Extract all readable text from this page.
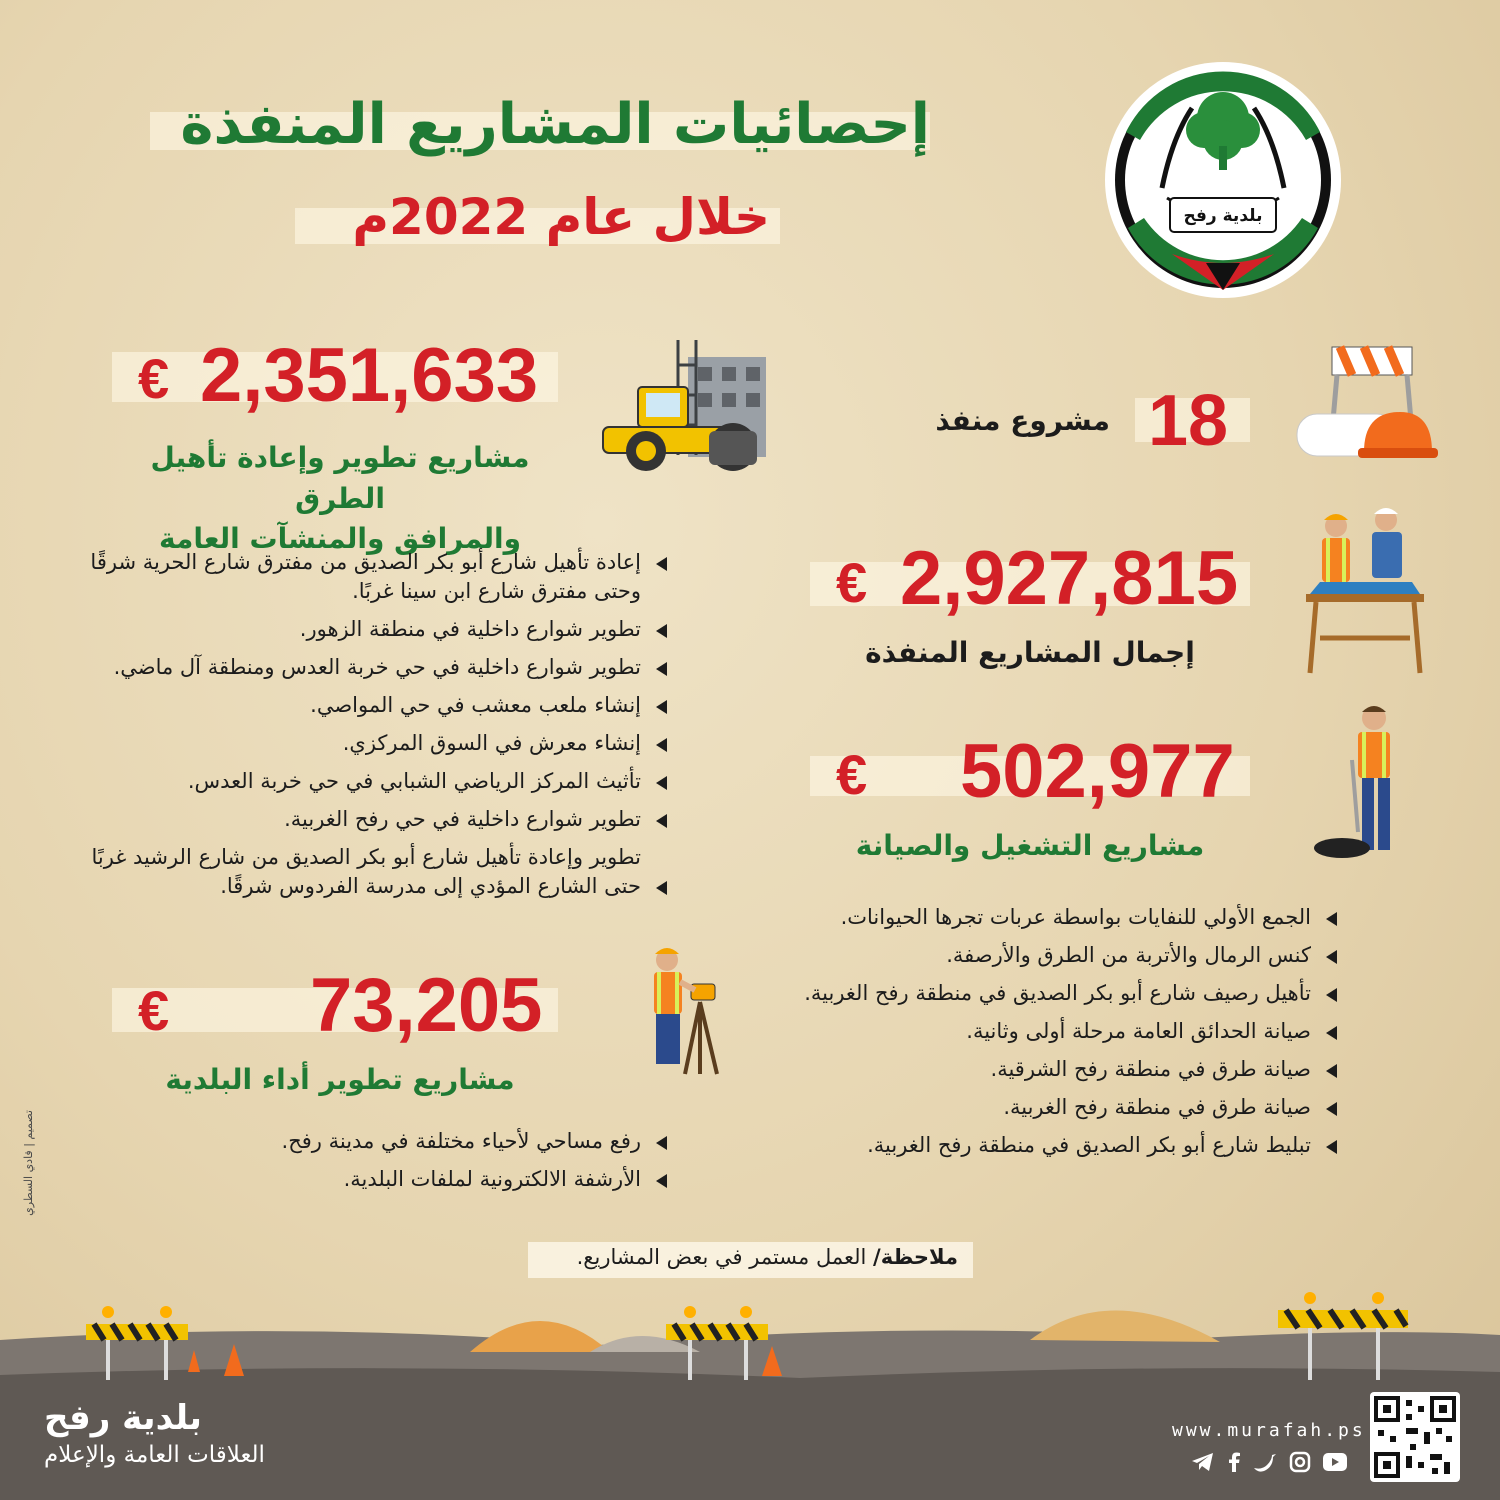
إحصائيات المشاريع المنفذة
خلال عام 2022م	بلدية رفح
2,351,633
€
مشاريع تطوير وإعادة تأهيل الطرق
والمرافق والمنشآت العامة
إعادة تأهيل شارع أبو بكر الصديق من مفترق شارع الحرية شرقًا وحتى مفترق شارع ابن سينا غربًا.
تطوير شوارع داخلية في منطقة الزهور.
تطوير شوارع داخلية في حي خربة العدس ومنطقة آل ماضي.
إنشاء ملعب معشب في حي المواصي.
إنشاء معرش في السوق المركزي.
تأثيث المركز الرياضي الشبابي في حي خربة العدس.
تطوير شوارع داخلية في حي رفح الغربية.
تطوير وإعادة تأهيل شارع أبو بكر الصديق من شارع الرشيد غربًا حتى الشارع المؤدي إلى مدرسة الفردوس شرقًا.
73,205
€
مشاريع تطوير أداء البلدية
رفع مساحي لأحياء مختلفة في مدينة رفح.
الأرشفة الالكترونية لملفات البلدية.
18
مشروع منفذ
2,927,815
€
إجمال المشاريع المنفذة
502,977
€
مشاريع التشغيل والصيانة
الجمع الأولي للنفايات بواسطة عربات تجرها الحيوانات.
كنس الرمال والأتربة من الطرق والأرصفة.
تأهيل رصيف شارع أبو بكر الصديق في منطقة رفح الغربية.
صيانة الحدائق العامة مرحلة أولى وثانية.
صيانة طرق في منطقة رفح الشرقية.
صيانة طرق في منطقة رفح الغربية.
تبليط شارع أبو بكر الصديق في منطقة رفح الغربية.
تصميم | فادي السطري
ملاحظة/ العمل مستمر في بعض المشاريع.
بلدية رفح
العلاقات العامة والإعلام
www.murafah.ps
